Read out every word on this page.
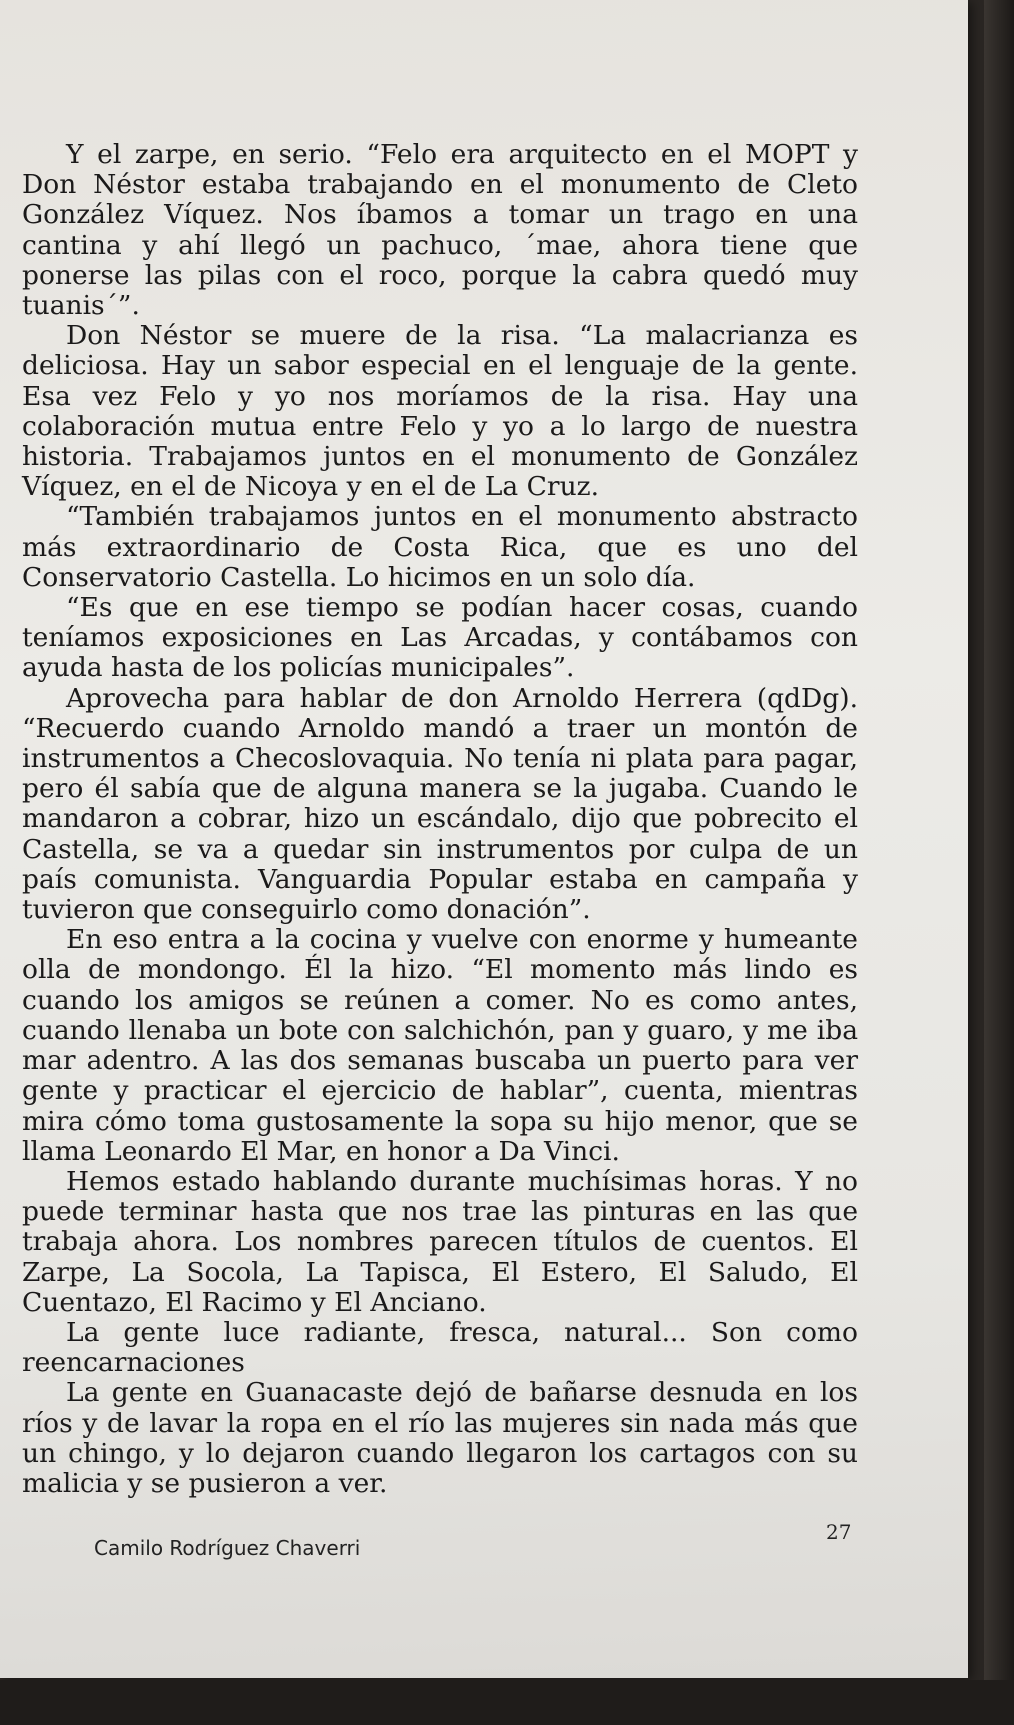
Y el zarpe, en serio. “Felo era arquitecto en el MOPT y Don Néstor estaba trabajando en el monumento de Cleto González Víquez. Nos íbamos a tomar un trago en una cantina y ahí llegó un pachuco, ´mae, ahora tiene que ponerse las pilas con el roco, porque la cabra quedó muy tuanis´”.

Don Néstor se muere de la risa. “La malacrianza es deliciosa. Hay un sabor especial en el lenguaje de la gente. Esa vez Felo y yo nos moríamos de la risa. Hay una colaboración mutua entre Felo y yo a lo largo de nuestra historia. Trabajamos juntos en el monumento de González Víquez, en el de Nicoya y en el de La Cruz.

“También trabajamos juntos en el monumento abstracto más extraordinario de Costa Rica, que es uno del Conservatorio Castella. Lo hicimos en un solo día.

“Es que en ese tiempo se podían hacer cosas, cuando teníamos exposiciones en Las Arcadas, y contábamos con ayuda hasta de los policías municipales”.

Aprovecha para hablar de don Arnoldo Herrera (qdDg). “Recuerdo cuando Arnoldo mandó a traer un montón de instrumentos a Checoslovaquia. No tenía ni plata para pagar, pero él sabía que de alguna manera se la jugaba. Cuando le mandaron a cobrar, hizo un escándalo, dijo que pobrecito el Castella, se va a quedar sin instrumentos por culpa de un país comunista. Vanguardia Popular estaba en campaña y tuvieron que conseguirlo como donación”.

En eso entra a la cocina y vuelve con enorme y humeante olla de mondongo. Él la hizo. “El momento más lindo es cuando los amigos se reúnen a comer. No es como antes, cuando llenaba un bote con salchichón, pan y guaro, y me iba mar adentro. A las dos semanas buscaba un puerto para ver gente y practicar el ejercicio de hablar”, cuenta, mientras mira cómo toma gustosamente la sopa su hijo menor, que se llama Leonardo El Mar, en honor a Da Vinci.

Hemos estado hablando durante muchísimas horas. Y no puede terminar hasta que nos trae las pinturas en las que trabaja ahora. Los nombres parecen títulos de cuentos. El Zarpe, La Socola, La Tapisca, El Estero, El Saludo, El Cuentazo, El Racimo y El Anciano.

La gente luce radiante, fresca, natural... Son como reencarnaciones

La gente en Guanacaste dejó de bañarse desnuda en los ríos y de lavar la ropa en el río las mujeres sin nada más que un chingo, y lo dejaron cuando llegaron los cartagos con su malicia y se pusieron a ver.

Camilo Rodríguez Chaverri
27
